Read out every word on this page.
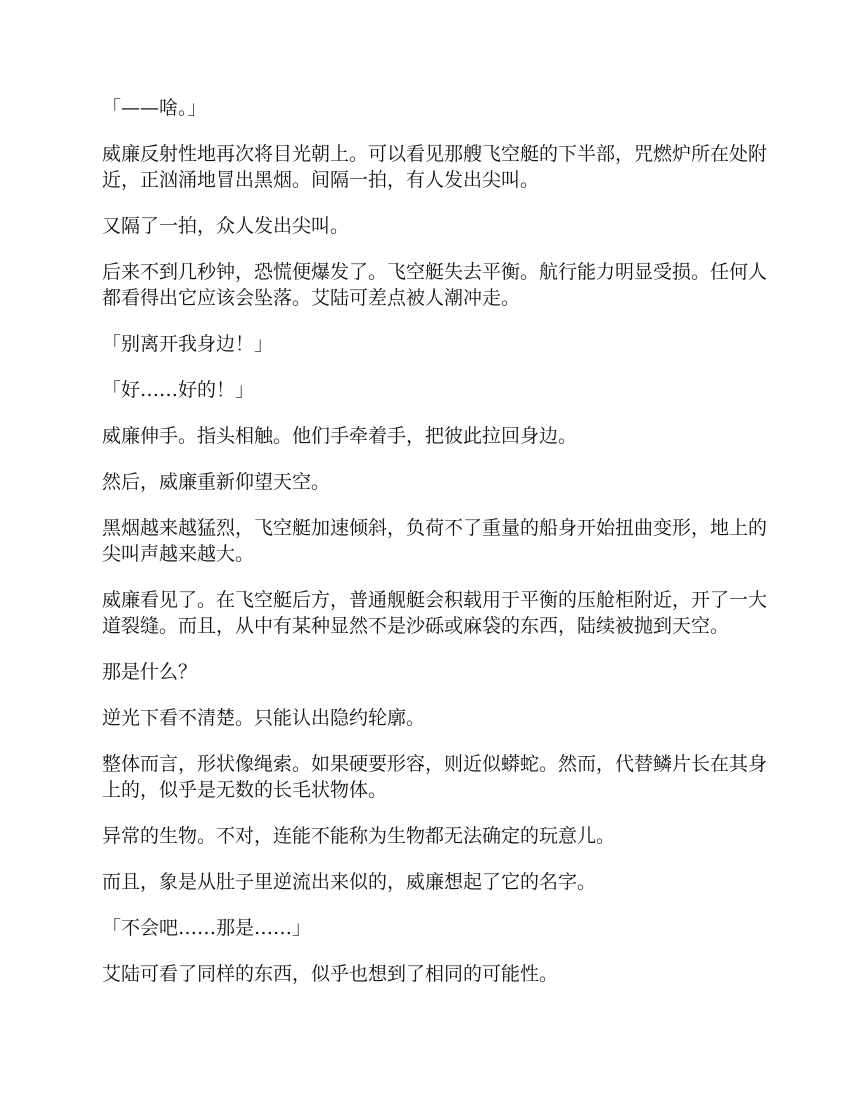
「——啥。」

威廉反射性地再次将目光朝上。可以看见那艘飞空艇的下半部，咒燃炉所在处附近，正汹涌地冒出黑烟。间隔一拍，有人发出尖叫。

又隔了一拍，众人发出尖叫。

后来不到几秒钟，恐慌便爆发了。飞空艇失去平衡。航行能力明显受损。任何人都看得出它应该会坠落。艾陆可差点被人潮冲走。

「别离开我身边！」

「好……好的！」

威廉伸手。指头相触。他们手牵着手，把彼此拉回身边。

然后，威廉重新仰望天空。

黑烟越来越猛烈，飞空艇加速倾斜，负荷不了重量的船身开始扭曲变形，地上的尖叫声越来越大。

威廉看见了。在飞空艇后方，普通舰艇会积载用于平衡的压舱柜附近，开了一大道裂缝。而且，从中有某种显然不是沙砾或麻袋的东西，陆续被抛到天空。

那是什么？

逆光下看不清楚。只能认出隐约轮廓。

整体而言，形状像绳索。如果硬要形容，则近似蟒蛇。然而，代替鳞片长在其身上的，似乎是无数的长毛状物体。

异常的生物。不对，连能不能称为生物都无法确定的玩意儿。

而且，象是从肚子里逆流出来似的，威廉想起了它的名字。

「不会吧……那是……」

艾陆可看了同样的东西，似乎也想到了相同的可能性。
